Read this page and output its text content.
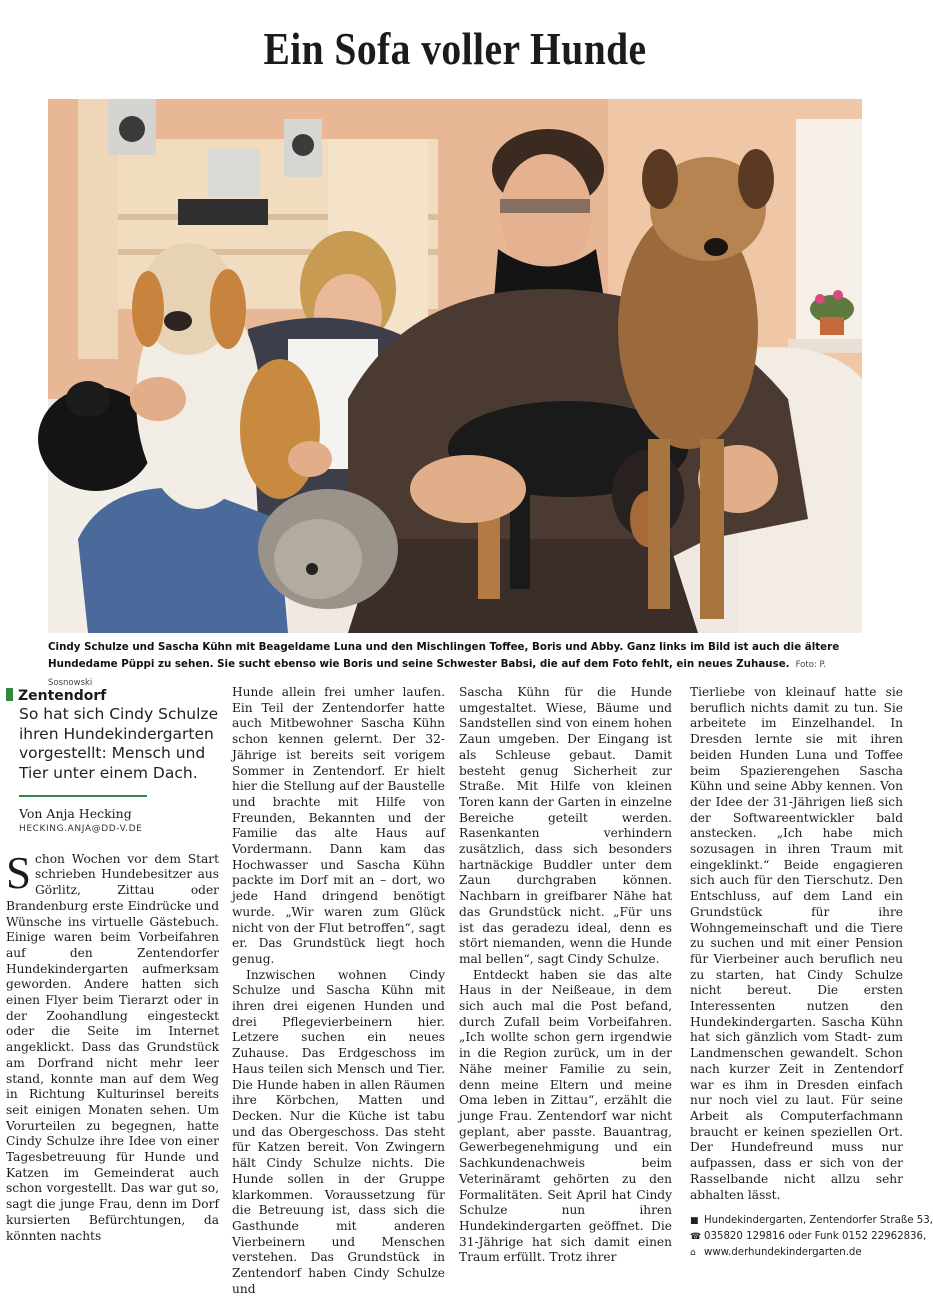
Ein Sofa voller Hunde
Foto: P. Sosnowski
Cindy Schulze und Sascha Kühn mit Beageldame Luna und den Mischlingen Toffee, Boris und Abby. Ganz links im Bild ist auch die ältere Hundedame Püppi zu sehen. Sie sucht ebenso wie Boris und seine Schwester Babsi, die auf dem Foto fehlt, ein neues Zuhause. Foto: P. Sosnowski
Zentendorf
So hat sich Cindy Schulze ihren Hundekindergarten vorgestellt: Mensch und Tier unter einem Dach.
Von Anja Hecking
HECKING.ANJA@DD-V.DE

Schon Wochen vor dem Start schrieben Hundebesitzer aus Görlitz, Zittau oder Brandenburg erste Eindrücke und Wünsche ins virtuelle Gästebuch. Einige waren beim Vorbeifahren auf den Zentendorfer Hundekindergarten aufmerksam geworden. Andere hatten sich einen Flyer beim Tierarzt oder in der Zoohandlung eingesteckt oder die Seite im Internet angeklickt. Dass das Grundstück am Dorfrand nicht mehr leer stand, konnte man auf dem Weg in Richtung Kulturinsel bereits seit einigen Monaten sehen. Um Vorurteilen zu begegnen, hatte Cindy Schulze ihre Idee von einer Tagesbetreuung für Hunde und Katzen im Gemeinderat auch schon vorgestellt. Das war gut so, sagt die junge Frau, denn im Dorf kursierten Befürchtungen, da könnten nachts

Hunde allein frei umher laufen. Ein Teil der Zentendorfer hatte auch Mitbewohner Sascha Kühn schon kennen gelernt. Der 32-Jährige ist bereits seit vorigem Sommer in Zentendorf. Er hielt hier die Stellung auf der Baustelle und brachte mit Hilfe von Freunden, Bekannten und der Familie das alte Haus auf Vordermann. Dann kam das Hochwasser und Sascha Kühn packte im Dorf mit an – dort, wo jede Hand dringend benötigt wurde. „Wir waren zum Glück nicht von der Flut betroffen“, sagt er. Das Grundstück liegt hoch genug.

Inzwischen wohnen Cindy Schulze und Sascha Kühn mit ihren drei eigenen Hunden und drei Pflegevierbeinern hier. Letzere suchen ein neues Zuhause. Das Erdgeschoss im Haus teilen sich Mensch und Tier. Die Hunde haben in allen Räumen ihre Körbchen, Matten und Decken. Nur die Küche ist tabu und das Obergeschoss. Das steht für Katzen bereit. Von Zwingern hält Cindy Schulze nichts. Die Hunde sollen in der Gruppe klarkommen. Voraussetzung für die Betreuung ist, dass sich die Gasthunde mit anderen Vierbeinern und Menschen verstehen. Das Grundstück in Zentendorf haben Cindy Schulze und

Sascha Kühn für die Hunde umgestaltet. Wiese, Bäume und Sandstellen sind von einem hohen Zaun umgeben. Der Eingang ist als Schleuse gebaut. Damit besteht genug Sicherheit zur Straße. Mit Hilfe von kleinen Toren kann der Garten in einzelne Bereiche geteilt werden. Rasenkanten verhindern zusätzlich, dass sich besonders hartnäckige Buddler unter dem Zaun durchgraben können. Nachbarn in greifbarer Nähe hat das Grundstück nicht. „Für uns ist das geradezu ideal, denn es stört niemanden, wenn die Hunde mal bellen“, sagt Cindy Schulze.

Entdeckt haben sie das alte Haus in der Neißeaue, in dem sich auch mal die Post befand, durch Zufall beim Vorbeifahren. „Ich wollte schon gern irgendwie in die Region zurück, um in der Nähe meiner Familie zu sein, denn meine Eltern und meine Oma leben in Zittau“, erzählt die junge Frau. Zentendorf war nicht geplant, aber passte. Bauantrag, Gewerbegenehmigung und ein Sachkundenachweis beim Veterinäramt gehörten zu den Formalitäten. Seit April hat Cindy Schulze nun ihren Hundekindergarten geöffnet. Die 31-Jährige hat sich damit einen Traum erfüllt. Trotz ihrer

Tierliebe von kleinauf hatte sie beruflich nichts damit zu tun. Sie arbeitete im Einzelhandel. In Dresden lernte sie mit ihren beiden Hunden Luna und Toffee beim Spazierengehen Sascha Kühn und seine Abby kennen. Von der Idee der 31-Jährigen ließ sich der Softwareentwickler bald anstecken. „Ich habe mich sozusagen in ihren Traum mit eingeklinkt.“ Beide engagieren sich auch für den Tierschutz. Den Entschluss, auf dem Land ein Grundstück für ihre Wohngemeinschaft und die Tiere zu suchen und mit einer Pension für Vierbeiner auch beruflich neu zu starten, hat Cindy Schulze nicht bereut. Die ersten Interessenten nutzen den Hundekindergarten. Sascha Kühn hat sich gänzlich vom Stadt- zum Landmenschen gewandelt. Schon nach kurzer Zeit in Zentendorf war es ihm in Dresden einfach nur noch viel zu laut. Für seine Arbeit als Computerfachmann braucht er keinen speziellen Ort. Der Hundefreund muss nur aufpassen, dass er sich von der Rasselbande nicht allzu sehr abhalten lässt.

■ Hundekindergarten, Zentendorfer Straße 53,
☎ 035820 129816 oder Funk 0152 22962836,
⌂ www.derhundekindergarten.de
